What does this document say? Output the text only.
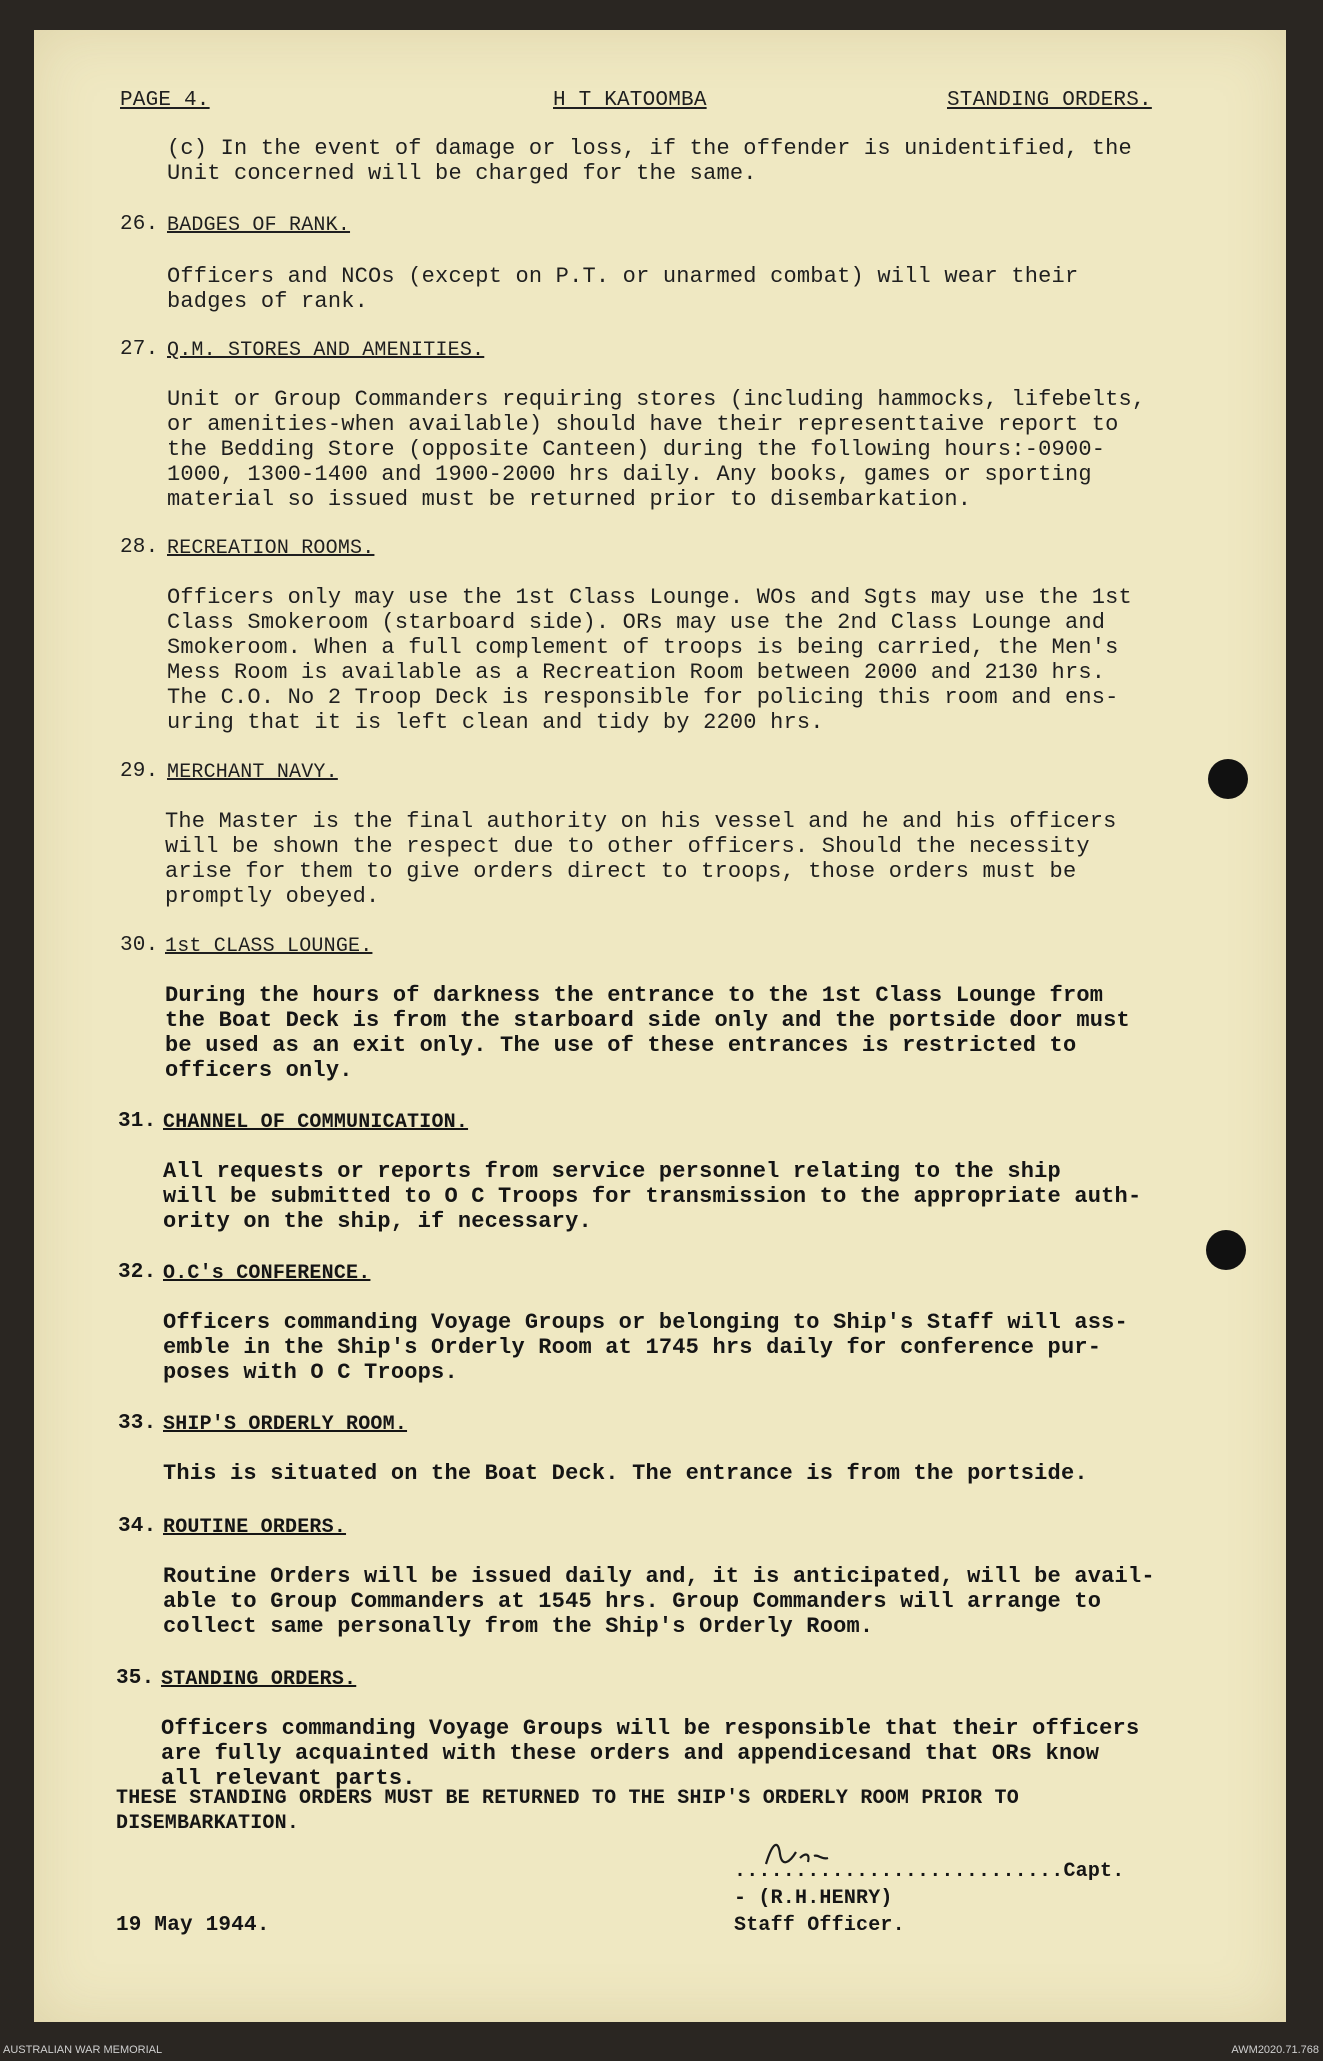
PAGE 4.	H T KATOOMBA	STANDING ORDERS.
(c) In the event of damage or loss, if the offender is unidentified, the
Unit concerned will be charged for the same.
26. BADGES OF RANK.
Officers and NCOs (except on P.T. or unarmed combat) will wear their
badges of rank.
27. Q.M. STORES AND AMENITIES.
Unit or Group Commanders requiring stores (including hammocks, lifebelts,
or amenities-when available) should have their representtaive report to
the Bedding Store (opposite Canteen) during the following hours:-0900-
1000, 1300-1400 and 1900-2000 hrs daily. Any books, games or sporting
material so issued must be returned prior to disembarkation.
28. RECREATION ROOMS.
Officers only may use the 1st Class Lounge. WOs and Sgts may use the 1st
Class Smokeroom (starboard side). ORs may use the 2nd Class Lounge and
Smokeroom. When a full complement of troops is being carried, the Men's
Mess Room is available as a Recreation Room between 2000 and 2130 hrs.
The C.O. No 2 Troop Deck is responsible for policing this room and ens-
uring that it is left clean and tidy by 2200 hrs.
29. MERCHANT NAVY.
The Master is the final authority on his vessel and he and his officers
will be shown the respect due to other officers. Should the necessity
arise for them to give orders direct to troops, those orders must be
promptly obeyed.
30. 1st CLASS LOUNGE.
During the hours of darkness the entrance to the 1st Class Lounge from
the Boat Deck is from the starboard side only and the portside door must
be used as an exit only. The use of these entrances is restricted to
officers only.
31. CHANNEL OF COMMUNICATION.
All requests or reports from service personnel relating to the ship
will be submitted to O C Troops for transmission to the appropriate auth-
ority on the ship, if necessary.
32. O.C's CONFERENCE.
Officers commanding Voyage Groups or belonging to Ship's Staff will ass-
emble in the Ship's Orderly Room at 1745 hrs daily for conference pur-
poses with O C Troops.
33. SHIP'S ORDERLY ROOM.
This is situated on the Boat Deck. The entrance is from the portside.
34. ROUTINE ORDERS.
Routine Orders will be issued daily and, it is anticipated, will be avail-
able to Group Commanders at 1545 hrs. Group Commanders will arrange to
collect same personally from the Ship's Orderly Room.
35. STANDING ORDERS.
Officers commanding Voyage Groups will be responsible that their officers
are fully acquainted with these orders and appendicesand that ORs know
all relevant parts.
THESE STANDING ORDERS MUST BE RETURNED TO THE SHIP'S ORDERLY ROOM PRIOR TO
DISEMBARKATION.
...........................Capt.
- (R.H.HENRY)
Staff Officer.
19 May 1944.
AUSTRALIAN WAR MEMORIAL	AWM2020.71.768
